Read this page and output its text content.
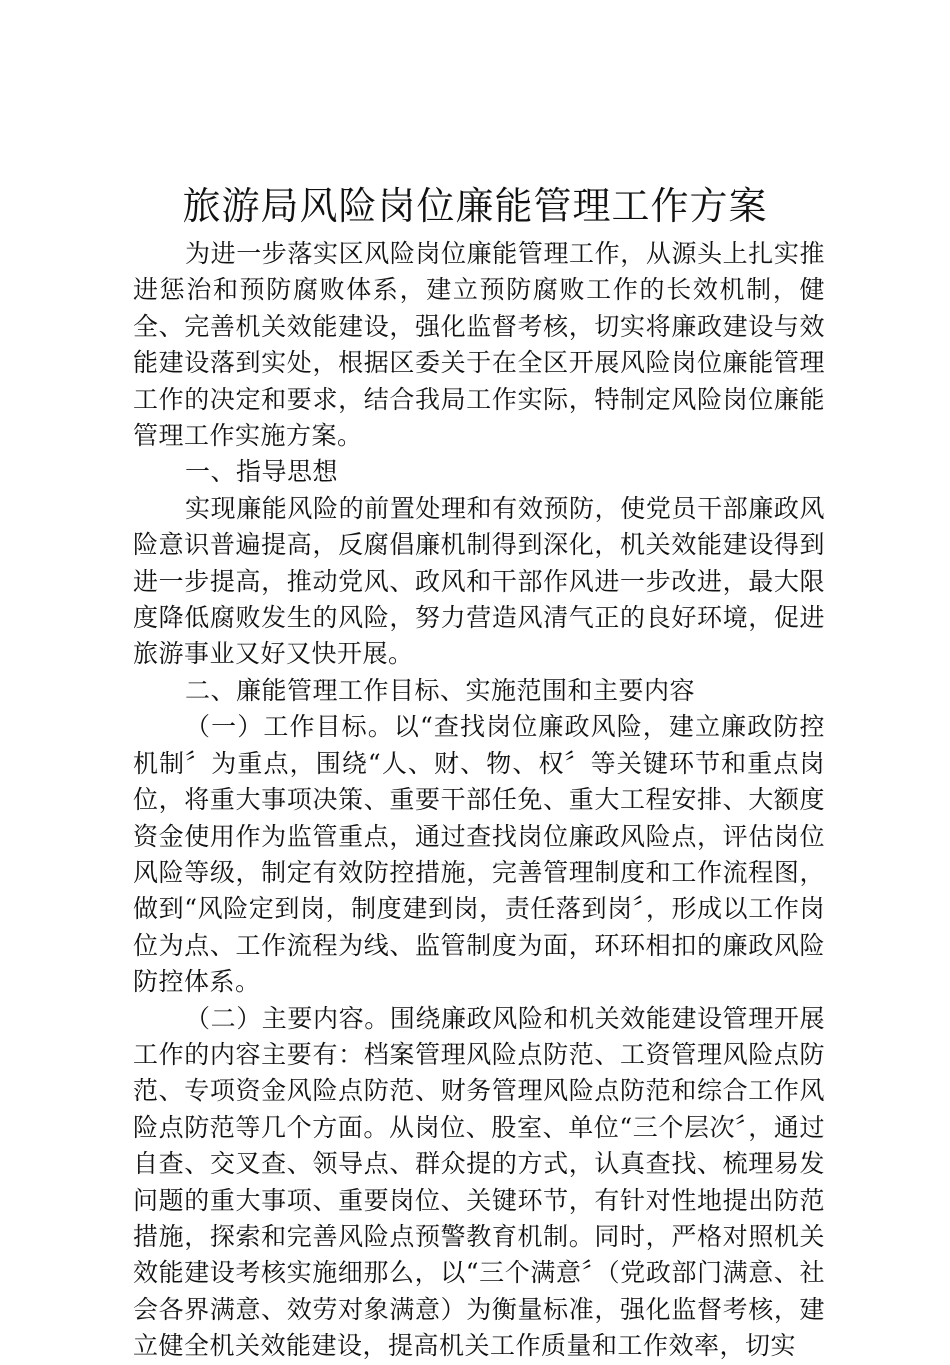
旅游局风险岗位廉能管理工作方案

为进一步落实区风险岗位廉能管理工作，从源头上扎实推进惩治和预防腐败体系，建立预防腐败工作的长效机制，健全、完善机关效能建设，强化监督考核，切实将廉政建设与效能建设落到实处，根据区委关于在全区开展风险岗位廉能管理工作的决定和要求，结合我局工作实际，特制定风险岗位廉能管理工作实施方案。

一、指导思想

实现廉能风险的前置处理和有效预防，使党员干部廉政风险意识普遍提高，反腐倡廉机制得到深化，机关效能建设得到进一步提高，推动党风、政风和干部作风进一步改进，最大限度降低腐败发生的风险，努力营造风清气正的良好环境，促进旅游事业又好又快开展。

二、廉能管理工作目标、实施范围和主要内容

（一）工作目标。以“查找岗位廉政风险，建立廉政防控机制〞为重点，围绕“人、财、物、权〞等关键环节和重点岗位，将重大事项决策、重要干部任免、重大工程安排、大额度资金使用作为监管重点，通过查找岗位廉政风险点，评估岗位风险等级，制定有效防控措施，完善管理制度和工作流程图，做到“风险定到岗，制度建到岗，责任落到岗〞，形成以工作岗位为点、工作流程为线、监管制度为面，环环相扣的廉政风险防控体系。

（二）主要内容。围绕廉政风险和机关效能建设管理开展工作的内容主要有：档案管理风险点防范、工资管理风险点防范、专项资金风险点防范、财务管理风险点防范和综合工作风险点防范等几个方面。从岗位、股室、单位“三个层次〞，通过自查、交叉查、领导点、群众提的方式，认真查找、梳理易发问题的重大事项、重要岗位、关键环节，有针对性地提出防范措施，探索和完善风险点预警教育机制。同时，严格对照机关效能建设考核实施细那么，以“三个满意〞（党政部门满意、社会各界满意、效劳对象满意）为衡量标准，强化监督考核，建立健全机关效能建设，提高机关工作质量和工作效率，切实
